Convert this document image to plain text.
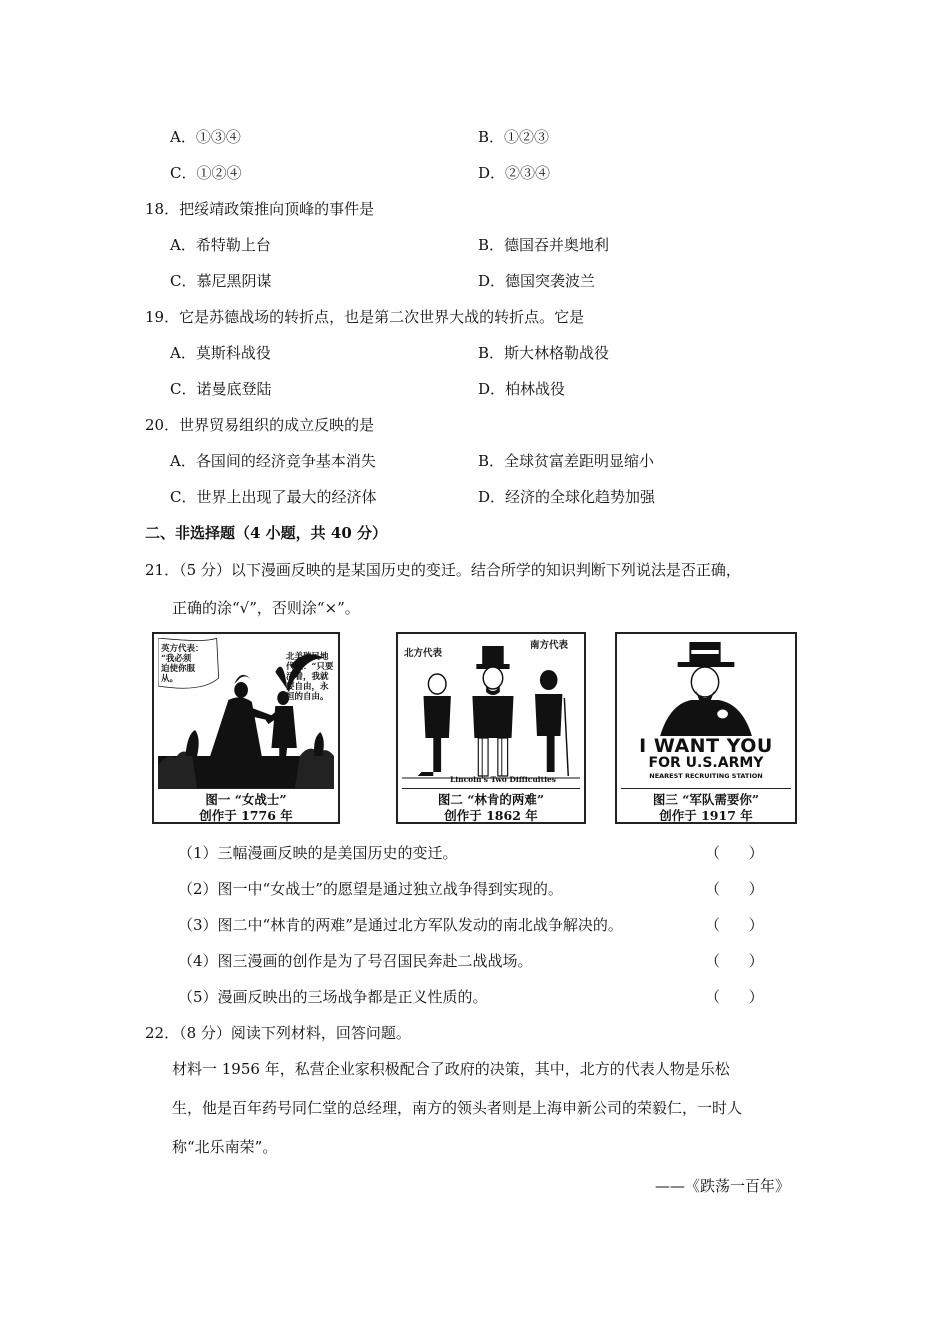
A．①③④	B．①②③
C．①②④	D．②③④
18．把绥靖政策推向顶峰的事件是
A．希特勒上台	B．德国吞并奥地利
C．慕尼黑阴谋	D．德国突袭波兰
19．它是苏德战场的转折点，也是第二次世界大战的转折点。它是
A．莫斯科战役	B．斯大林格勒战役
C．诺曼底登陆	D．柏林战役
20．世界贸易组织的成立反映的是
A．各国间的经济竞争基本消失	B．全球贫富差距明显缩小
C．世界上出现了最大的经济体	D．经济的全球化趋势加强
二、非选择题（4 小题，共 40 分）
21．（5 分）以下漫画反映的是某国历史的变迁。结合所学的知识判断下列说法是否正确，
正确的涂“√”，否则涂“×”。
英方代表：
“我必须
迫使你服
从。
北美殖民地
代表：“只要
活着，我就
要自由，永
恒的自由。
图一 “女战士”
创作于 1776 年
北方代表
南方代表
Lincoln's Two Difficulties
图二 “林肯的两难”
创作于 1862 年
I WANT YOU
FOR U.S.ARMY
NEAREST RECRUITING STATION
图三 “军队需要你”
创作于 1917 年
（1）三幅漫画反映的是美国历史的变迁。	（      ）
（2）图一中“女战士”的愿望是通过独立战争得到实现的。	（      ）
（3）图二中“林肯的两难”是通过北方军队发动的南北战争解决的。	（      ）
（4）图三漫画的创作是为了号召国民奔赴二战战场。	（      ）
（5）漫画反映出的三场战争都是正义性质的。	（      ）
22．（8 分）阅读下列材料，回答问题。
材料一 1956 年，私营企业家积极配合了政府的决策，其中，北方的代表人物是乐松
生，他是百年药号同仁堂的总经理，南方的领头者则是上海申新公司的荣毅仁，一时人
称“北乐南荣”。
——《跌荡一百年》
